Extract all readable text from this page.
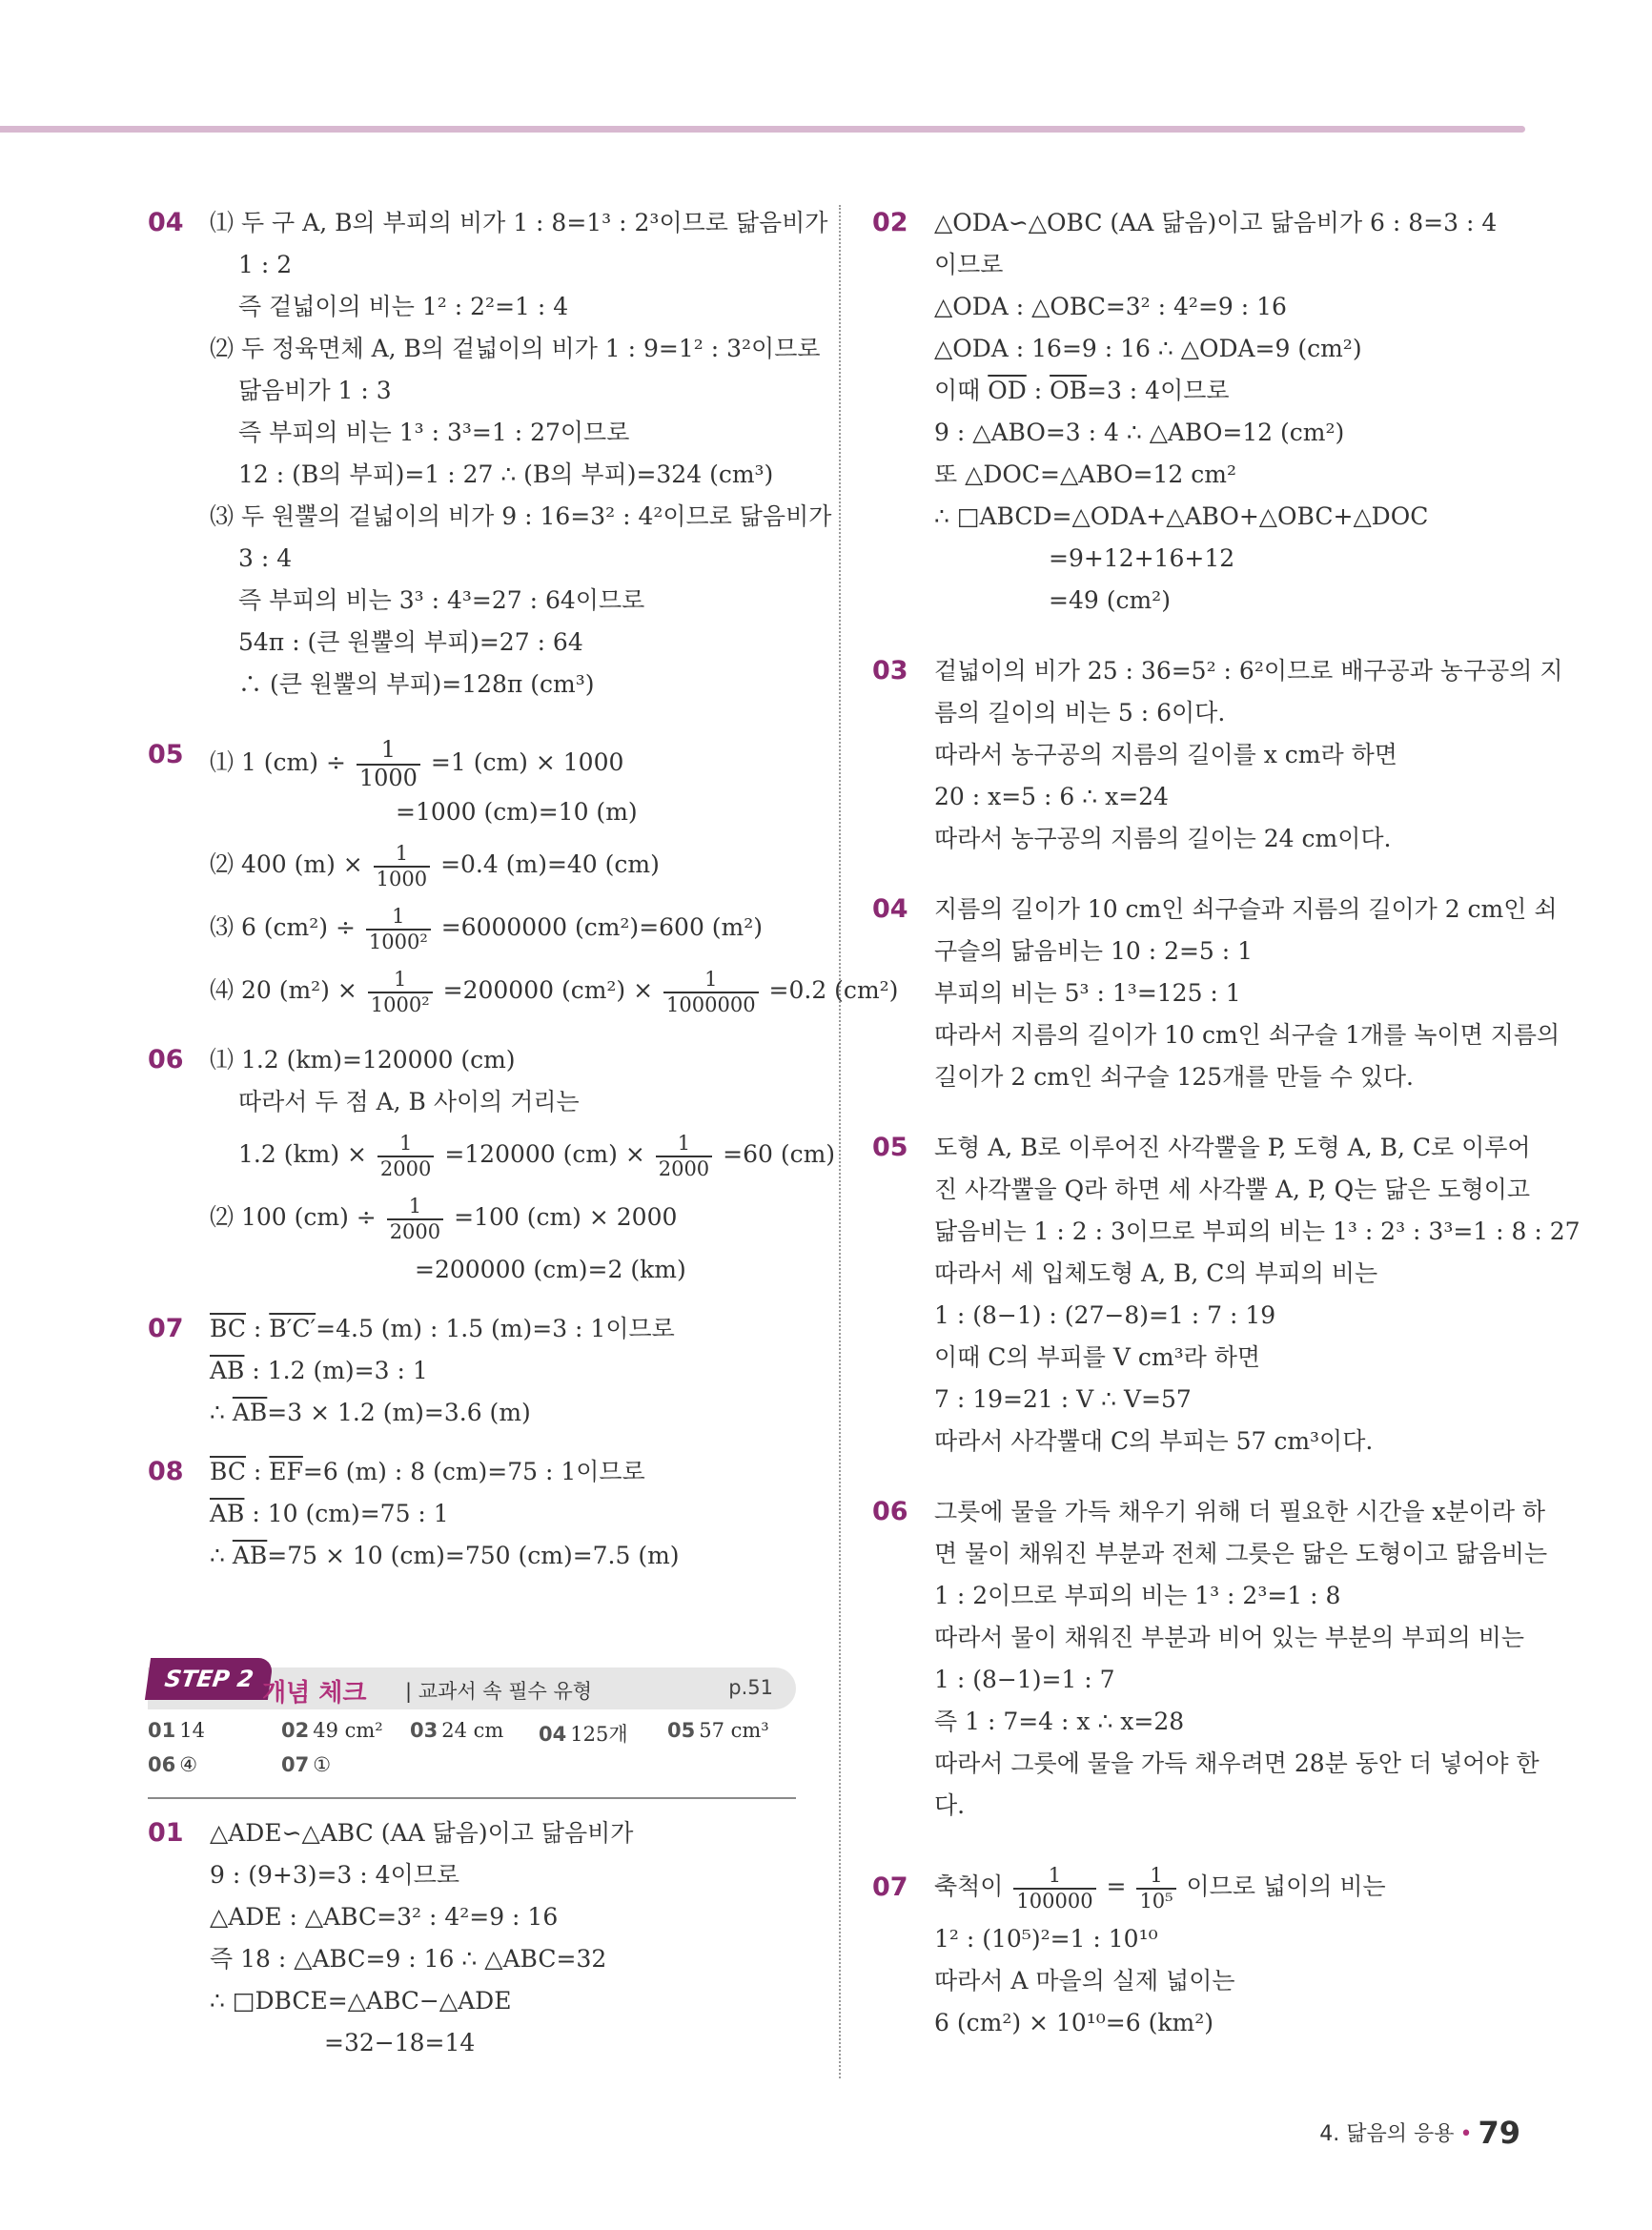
04 ⑴ 두 구 A, B의 부피의 비가 1 : 8=1³ : 2³이므로 닮음비가
1 : 2
즉 겉넓이의 비는 1² : 2²=1 : 4
⑵ 두 정육면체 A, B의 겉넓이의 비가 1 : 9=1² : 3²이므로
닮음비가 1 : 3
즉 부피의 비는 1³ : 3³=1 : 27이므로
12 : (B의 부피)=1 : 27 ∴ (B의 부피)=324 (cm³)
⑶ 두 원뿔의 겉넓이의 비가 9 : 16=3² : 4²이므로 닮음비가
3 : 4
즉 부피의 비는 3³ : 4³=27 : 64이므로
54π : (큰 원뿔의 부피)=27 : 64
∴ (큰 원뿔의 부피)=128π (cm³)
05 ⑴ 1 $(cm) \div \frac{1}{1000} =1$ (cm) × 1000
=1000 (cm)=10 (m)
⑵ 400 $(m) \times \frac{1}{1000} =0.4$ (m)=40 (cm)
⑶ 6 $(cm^2) \div \frac{1}{\text{1000²}} =6000000$ (cm²)=600 (m²)
⑷ 20 $(m^2) \times \frac{1}{\text{1000²}} =200000$ $(cm^2) \times \frac{1}{1000000} =0.2$ (cm²)
06 ⑴ 1.2 (km)=120000 (cm)
따라서 두 점 A, B 사이의 거리는
1.2 $(km) \times \frac{1}{2000} =120000$ $(cm) \times \frac{1}{2000} =60$ (cm)
⑵ 100 $(cm) \div \frac{1}{2000} =100$ (cm) × 2000
=200000 (cm)=2 (km)
07 $\overline{BC}$ : B′C′=4.5 (m) : 1.5 (m)=3 : 1이므로
$\overline{AB}$ : 1.2 (m)=3 : 1
∴ $\overline{AB}=3 \times 1.2$ (m)=3.6 (m)
08 $\overline{BC}$ : $\overline{EF}=6$ (m) : 8 (cm)=75 : 1이므로
$\overline{AB}$ : 10 (cm)=75 : 1
∴ $\overline{AB}=75 \times 10$ (cm)=750 (cm)=7.5 (m)
STEP 2 개념 체크 | 교과서 속 필수 유형	p.51
01 14	02 49 cm² 03 24 cm 04 125개 05 57 cm³
06 ④	07 ①
01 △ADE∽△ABC (AA 닮음)이고 닮음비가
9 : (9+3)=3 : 4이므로
△ADE : △ABC=3² : 4²=9 : 16
즉 18 : △ABC=9 : 16 ∴ △ABC=32
∴ □DBCE=△ABC−△ADE
=32−18=14
02 △ODA∽△OBC (AA 닮음)이고 닮음비가 6 : 8=3 : 4
이므로
△ODA : △OBC=3² : 4²=9 : 16
△ODA : 16=9 : 16 ∴ △ODA=9 (cm²)
이때 $\overline{OD}$ : $\overline{OB}=3$ : 4이므로
9 : △ABO=3 : 4 ∴ △ABO=12 (cm²)
또 △DOC=△ABO=12 cm²
∴ □ABCD=△ODA+△ABO+△OBC+△DOC
=9+12+16+12
=49 (cm²)
03 겉넓이의 비가 25 : 36=5² : 6²이므로 배구공과 농구공의 지
름의 길이의 비는 5 : 6이다.
따라서 농구공의 지름의 길이를 x cm라 하면
20 : x=5 : 6 ∴ x=24
따라서 농구공의 지름의 길이는 24 cm이다.
04 지름의 길이가 10 cm인 쇠구슬과 지름의 길이가 2 cm인 쇠
구슬의 닮음비는 10 : 2=5 : 1
부피의 비는 5³ : 1³=125 : 1
따라서 지름의 길이가 10 cm인 쇠구슬 1개를 녹이면 지름의
길이가 2 cm인 쇠구슬 125개를 만들 수 있다.
05 도형 A, B로 이루어진 사각뿔을 P, 도형 A, B, C로 이루어
진 사각뿔을 Q라 하면 세 사각뿔 A, P, Q는 닮은 도형이고
닮음비는 1 : 2 : 3이므로 부피의 비는 1³ : 2³ : 3³=1 : 8 : 27
따라서 세 입체도형 A, B, C의 부피의 비는
1 : (8−1) : (27−8)=1 : 7 : 19
이때 C의 부피를 V cm³라 하면
7 : 19=21 : V ∴ V=57
따라서 사각뿔대 C의 부피는 57 cm³이다.
06 그릇에 물을 가득 채우기 위해 더 필요한 시간을 x분이라 하
면 물이 채워진 부분과 전체 그릇은 닮은 도형이고 닮음비는
1 : 2이므로 부피의 비는 1³ : 2³=1 : 8
따라서 물이 채워진 부분과 비어 있는 부분의 부피의 비는
1 : (8−1)=1 : 7
즉 1 : 7=4 : x ∴ x=28
따라서 그릇에 물을 가득 채우려면 28분 동안 더 넣어야 한
다.
07 축척이 $\frac{1}{100000} = \frac{1}{\text{10⁵}}$ 이므로 넓이의 비는
1² : (10⁵)²=1 : 10¹⁰
따라서 A 마을의 실제 넓이는
6 (cm²) × 10¹⁰=6 (km²)
4. 닮음의 응용 • 79
